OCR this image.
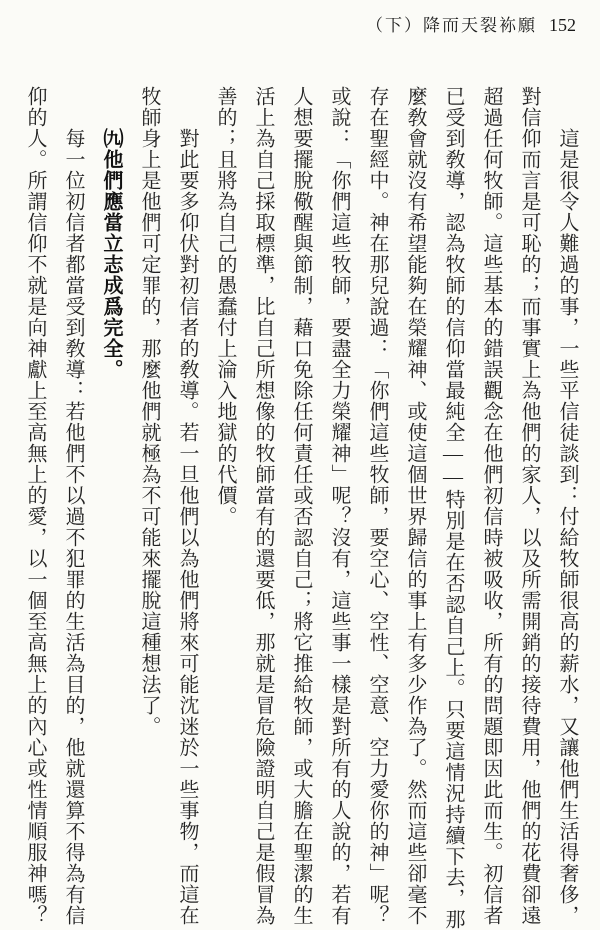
（下）降而天裂袮願 152

這是很令人難過的事，一些平信徒談到：付給牧師很高的薪水，又讓他們生活得奢侈，對信仰而言是可恥的；而事實上為他們的家人，以及所需開銷的接待費用，他們的花費卻遠超過任何牧師。這些基本的錯誤觀念在他們初信時被吸收，所有的問題即因此而生。初信者已受到敎導，認為牧師的信仰當最純全——特別是在否認自己上。只要這情況持續下去，那麼敎會就沒有希望能夠在榮耀神、或使這個世界歸信的事上有多少作為了。然而這些卻毫不存在聖經中。神在那兒說過：「你們這些牧師，要空心、空性、空意、空力愛你的神」呢？或說：「你們這些牧師，要盡全力榮耀神」呢？沒有，這些事一樣是對所有的人說的，若有人想要擺脫儆醒與節制，藉口免除任何責任或否認自己；將它推給牧師，或大膽在聖潔的生活上為自己採取標準，比自己所想像的牧師當有的還要低，那就是冒危險證明自己是假冒為善的；且將為自己的愚蠢付上淪入地獄的代價。

對此要多仰伏對初信者的敎導。若一旦他們以為他們將來可能沈迷於一些事物，而這在牧師身上是他們可定罪的，那麼他們就極為不可能來擺脫這種想法了。

㈨他們應當立志成爲完全。

每一位初信者都當受到敎導：若他們不以過不犯罪的生活為目的，他就還算不得為有信仰的人。所謂信仰不就是向神獻上至高無上的愛，以一個至高無上的內心或性情順服神嗎？
